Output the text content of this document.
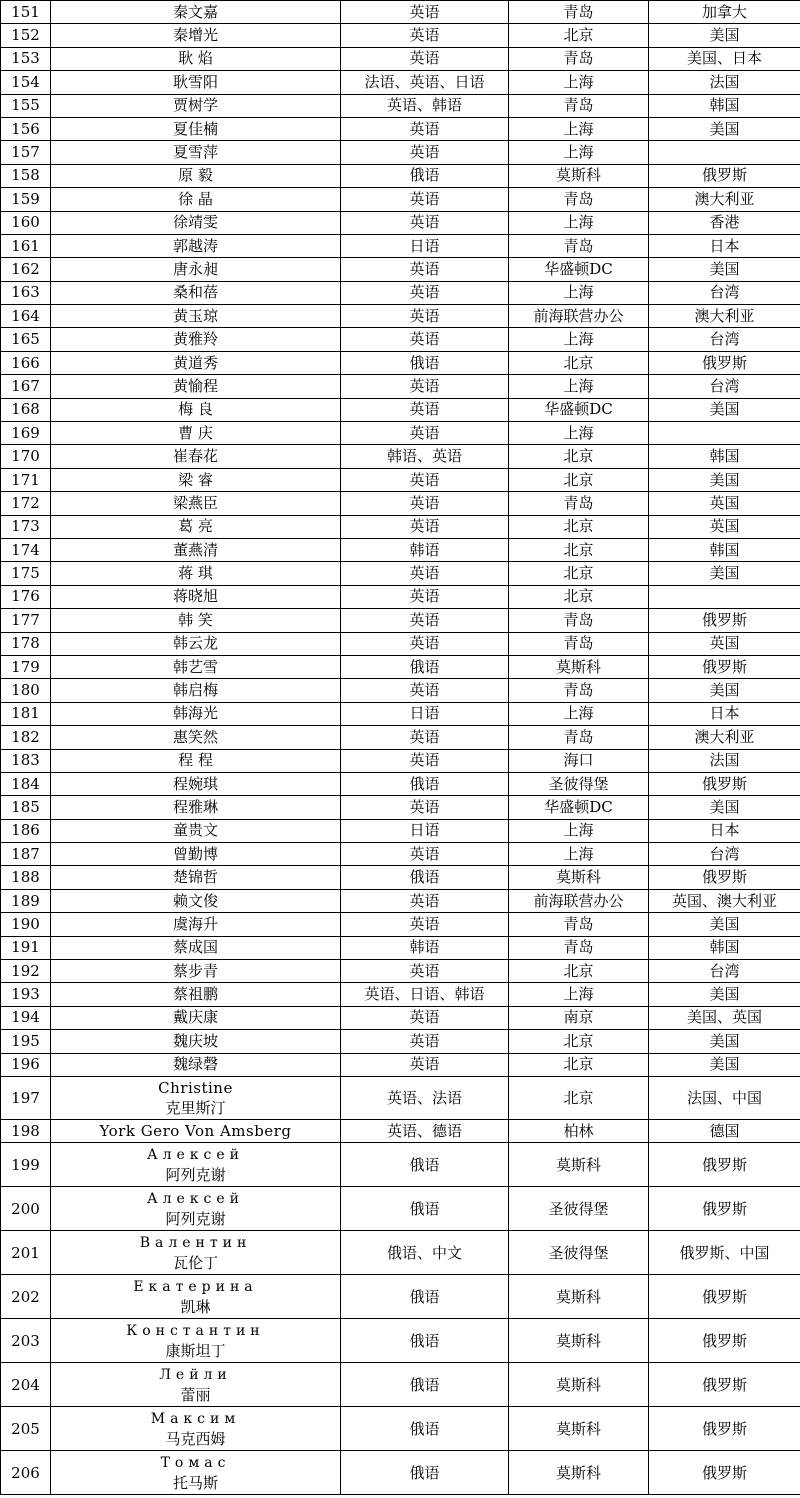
151	秦文嘉	英语	青岛	加拿大
152	秦增光	英语	北京	美国
153	耿 焰	英语	青岛	美国、日本
154	耿雪阳	法语、英语、日语	上海	法国
155	贾树学	英语、韩语	青岛	韩国
156	夏佳楠	英语	上海	美国
157	夏雪萍	英语	上海	
158	原 毅	俄语	莫斯科	俄罗斯
159	徐 晶	英语	青岛	澳大利亚
160	徐靖雯	英语	上海	香港
161	郭越涛	日语	青岛	日本
162	唐永昶	英语	华盛顿DC	美国
163	桑和蓓	英语	上海	台湾
164	黄玉琼	英语	前海联营办公	澳大利亚
165	黄雅羚	英语	上海	台湾
166	黄道秀	俄语	北京	俄罗斯
167	黄愉程	英语	上海	台湾
168	梅 良	英语	华盛顿DC	美国
169	曹 庆	英语	上海	
170	崔春花	韩语、英语	北京	韩国
171	梁 睿	英语	北京	美国
172	梁燕臣	英语	青岛	英国
173	葛 亮	英语	北京	英国
174	董燕清	韩语	北京	韩国
175	蒋 琪	英语	北京	美国
176	蒋晓旭	英语	北京	
177	韩 笑	英语	青岛	俄罗斯
178	韩云龙	英语	青岛	英国
179	韩艺雪	俄语	莫斯科	俄罗斯
180	韩启梅	英语	青岛	美国
181	韩海光	日语	上海	日本
182	惠笑然	英语	青岛	澳大利亚
183	程 程	英语	海口	法国
184	程婉琪	俄语	圣彼得堡	俄罗斯
185	程雅琳	英语	华盛顿DC	美国
186	童贵文	日语	上海	日本
187	曾勤博	英语	上海	台湾
188	楚锦哲	俄语	莫斯科	俄罗斯
189	赖文俊	英语	前海联营办公	英国、澳大利亚
190	虞海升	英语	青岛	美国
191	蔡成国	韩语	青岛	韩国
192	蔡步青	英语	北京	台湾
193	蔡祖鹏	英语、日语、韩语	上海	美国
194	戴庆康	英语	南京	美国、英国
195	魏庆坡	英语	北京	美国
196	魏绿磬	英语	北京	美国
197	Christine
克里斯汀	英语、法语	北京	法国、中国
198	York Gero Von Amsberg	英语、德语	柏林	德国
199	Алексей
阿列克谢	俄语	莫斯科	俄罗斯
200	Алексей
阿列克谢	俄语	圣彼得堡	俄罗斯
201	Валентин
瓦伦丁	俄语、中文	圣彼得堡	俄罗斯、中国
202	Екатерина
凯琳	俄语	莫斯科	俄罗斯
203	Константин
康斯坦丁	俄语	莫斯科	俄罗斯
204	Лейли
蕾丽	俄语	莫斯科	俄罗斯
205	Максим
马克西姆	俄语	莫斯科	俄罗斯
206	Томас
托马斯	俄语	莫斯科	俄罗斯
